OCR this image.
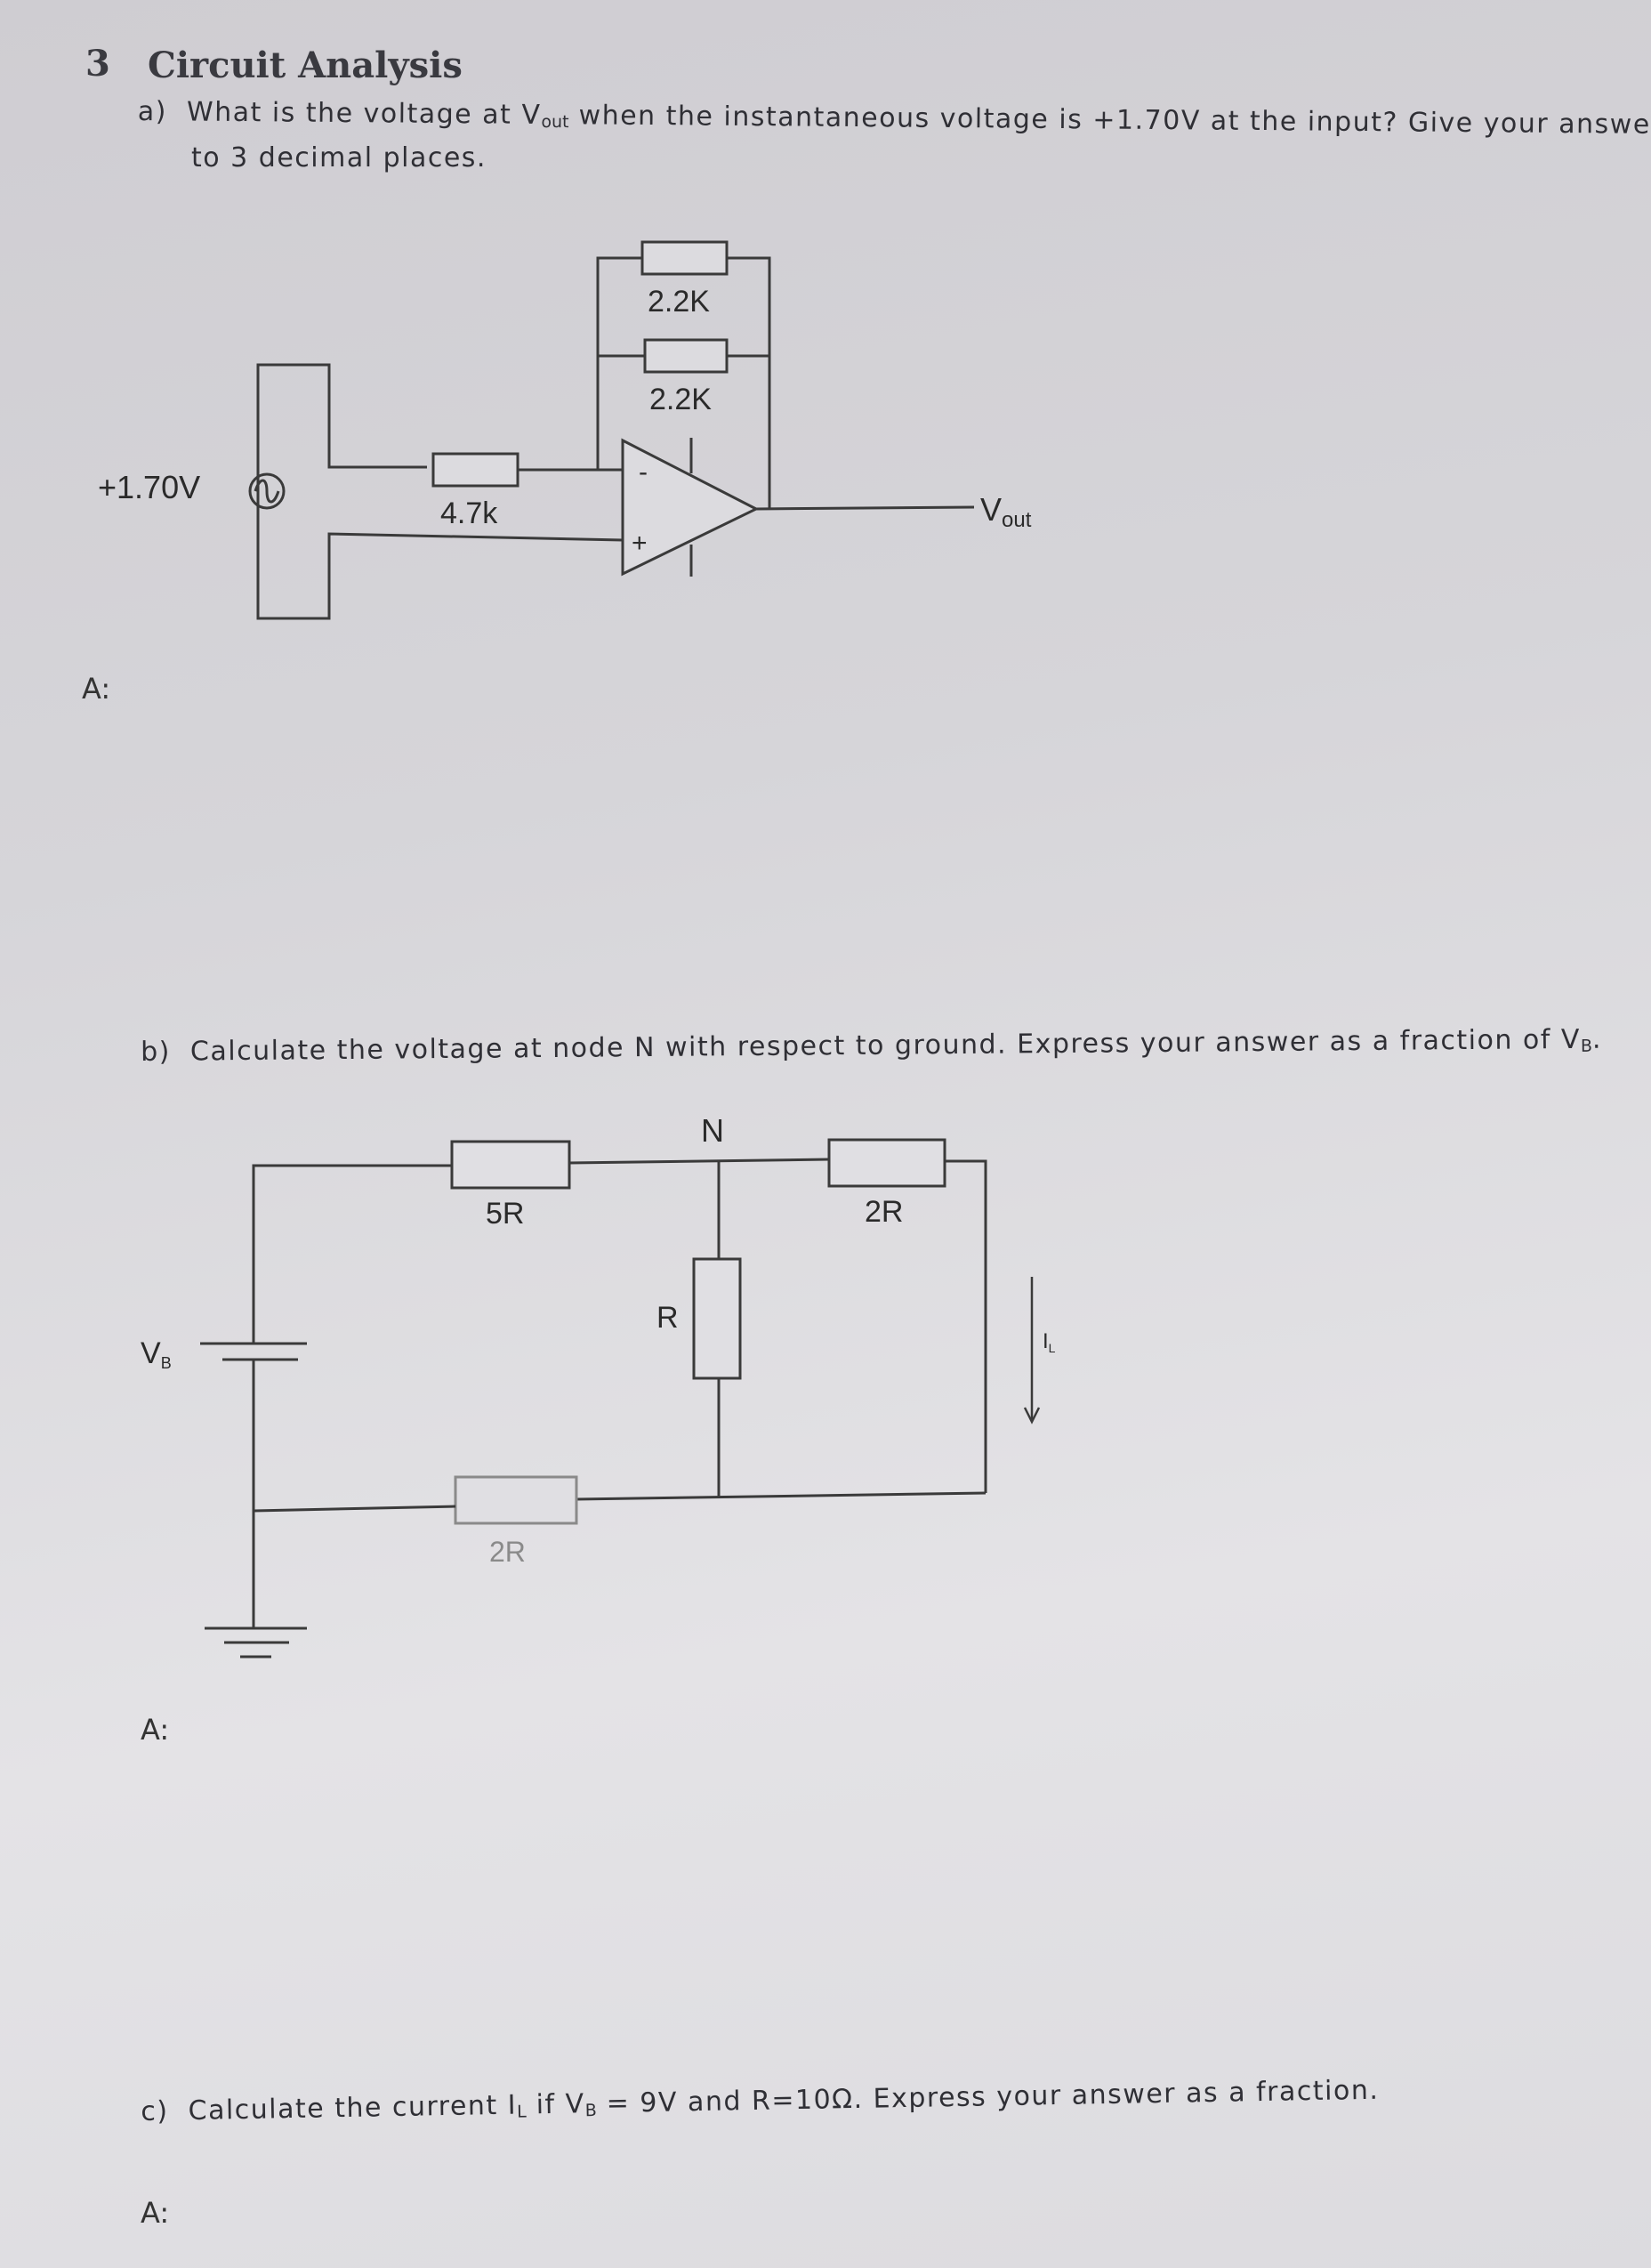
3 Circuit Analysis
a) What is the voltage at $V_{out}$ when the instantaneous voltage is +1.70V at the input? Give your answe
to 3 decimal places.
A:
b) Calculate the voltage at node N with respect to ground. Express your answer as a fraction of $V_B$.
A:
c) Calculate the current $I_L$ if $V_B = 9V$ and R=10Ω. Express your answer as a fraction.
A:
+1.70V
4.7k
2.2K
2.2K
-
+
Vout
N
5R	2R
R
2R
VB
$I_L$
